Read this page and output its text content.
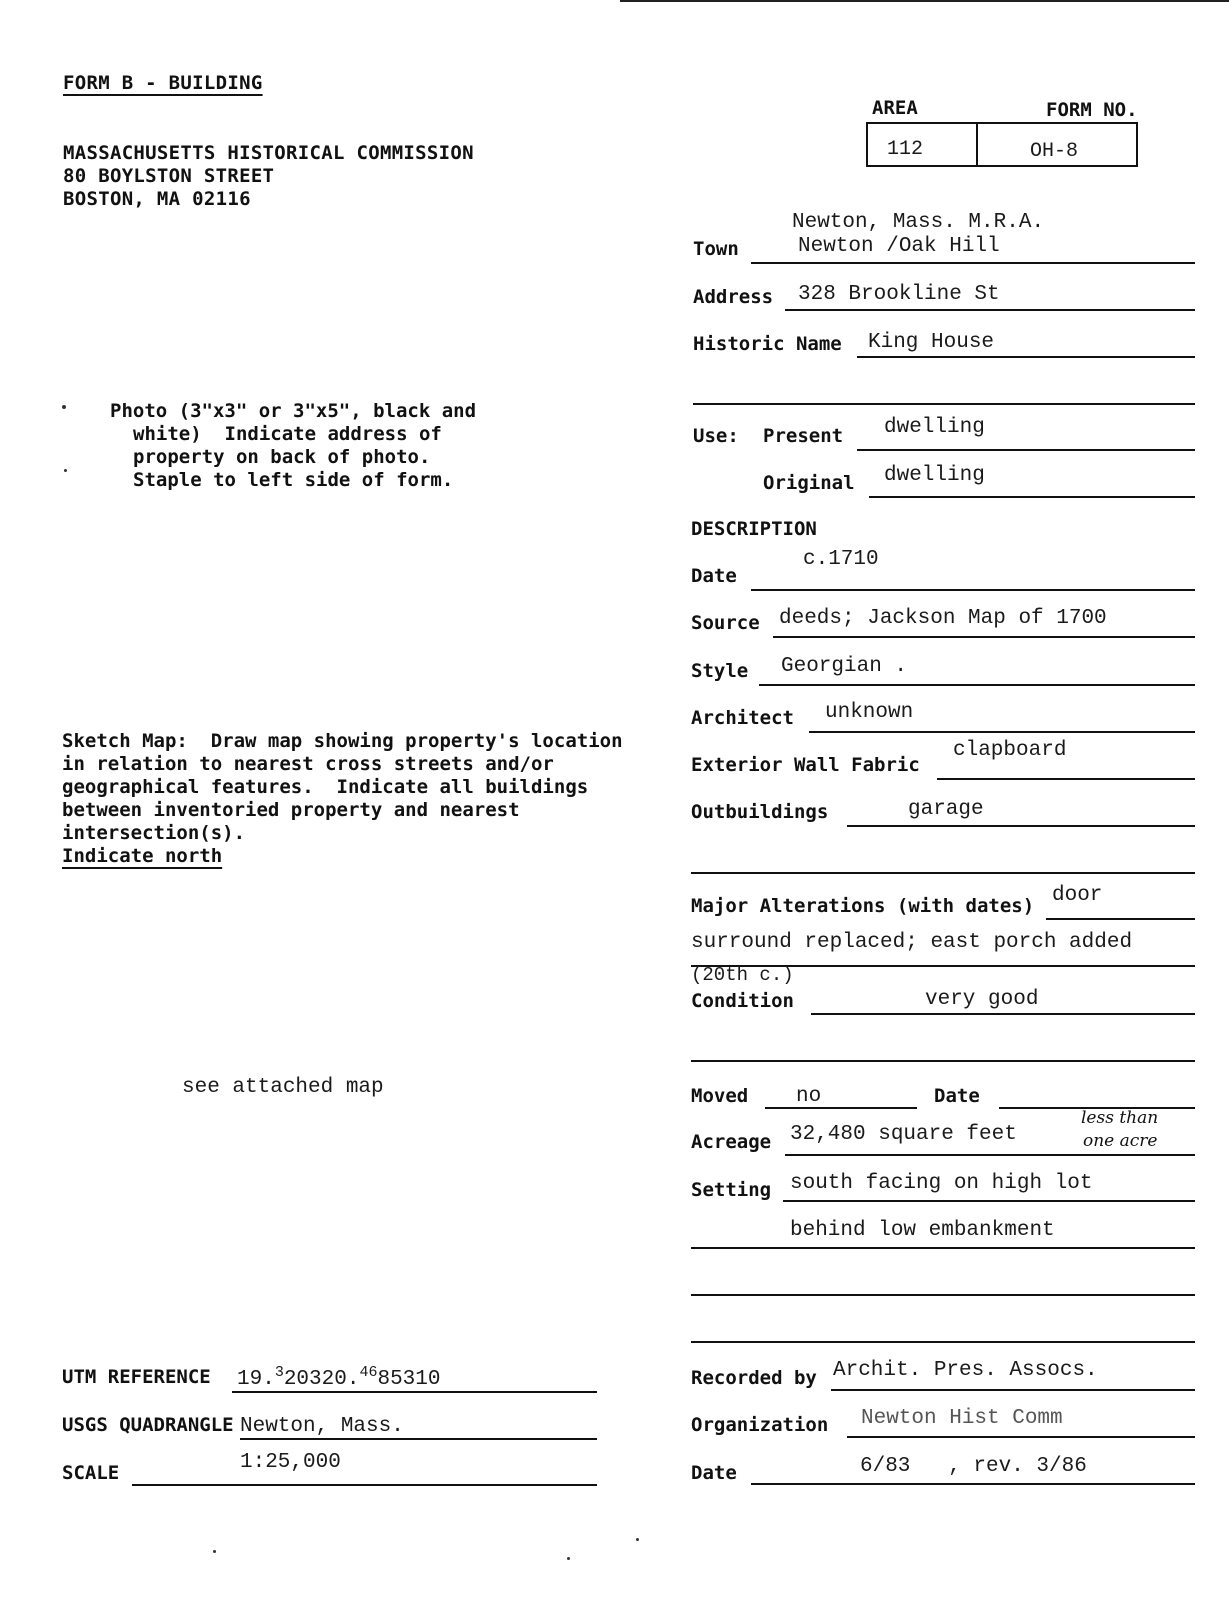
FORM B - BUILDING
MASSACHUSETTS HISTORICAL COMMISSION
80 BOYLSTON STREET
BOSTON, MA 02116
AREA	FORM NO.
112	OH-8
Photo (3"x3" or 3"x5", black and
white)  Indicate address of
property on back of photo.
Staple to left side of form.
Sketch Map:  Draw map showing property's location
in relation to nearest cross streets and/or
geographical features.  Indicate all buildings
between inventoried property and nearest
intersection(s).
Indicate north
see attached map
UTM REFERENCE 19.$^3$20320.4685310
USGS QUADRANGLE Newton, Mass.
SCALE	1:25,000
Newton, Mass. M.R.A.
Town	Newton /Oak Hill
Address 328 Brookline St
Historic Name King House
Use: Present dwelling
Original dwelling
DESCRIPTION
Date
c.1710
Source deeds; Jackson Map of 1700
Style Georgian .
Architect unknown
Exterior Wall Fabric
clapboard
Outbuildings	garage
Major Alterations (with dates) door
surround replaced; east porch added
(20th c.)
Condition	very good
Moved no	Date
Acreage 32,480 square feet
less than
one acre
Setting south facing on high lot
behind low embankment
Recorded by Archit. Pres. Assocs.
Organization Newton Hist Comm
Date	6/83   , rev. 3/86
